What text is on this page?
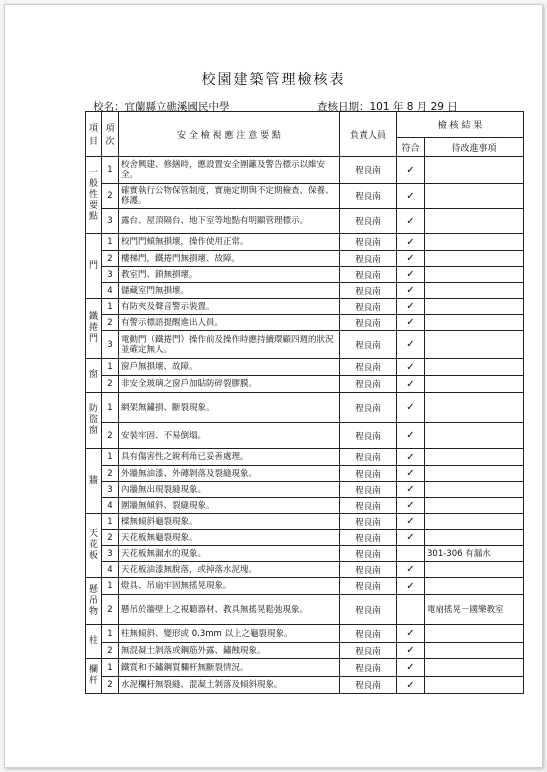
校園建築管理檢核表
校名：宜蘭縣立礁溪國民中學	查核日期：101 年 8 月 29 日
項目	項次	安 全 檢 視 應 注 意 要 點	負責人員	檢 核 結 果	
				符合	待改進事項
一般性要點	1	校舍興建、修繕時，應設置安全圍籬及警告標示以維安全。	程良南	✓	
	2	確實執行公物保管制度，實施定期與不定期檢查、保養、修護。	程良南	✓	
	3	露台、屋頂隔台、地下室等地點有明顯管理標示。	程良南	✓	
門	1	校門門頰無損壞，操作使用正常。	程良南	✓	
	2	樓梯門，鐵捲門無損壞、故障。	程良南	✓	
	3	教室門、鎖無損壞。	程良南	✓	
	4	儲藏室門無損壞。	程良南	✓	
鐵捲門	1	有防夾及聲音警示裝置。	程良南	✓	
	2	有警示標語提醒進出人員。	程良南	✓	
	3	電動門（鐵捲門）操作前及操作時應持續環顧四週的狀況並確定無人。	程良南	✓	
窗	1	窗戶無損壞、故障。	程良南	✓	
	2	非安全玻璃之窗戶加貼防碎裂膠膜。	程良南	✓	
防盜窗	1	網架無鏽損、斷裂現象。	程良南	✓	
	2	安裝牢固、不易倒塌。	程良南	✓	
牆	1	具有傷害性之銳利角已妥善處理。	程良南	✓	
	2	外牆無油漆、外磚剝落及裂縫現象。	程良南	✓	
	3	內牆無出現裂縫現象。	程良南	✓	
	4	圍牆無傾斜、裂縫現象。	程良南	✓	
天花板	1	樑無傾斜龜裂現象。	程良南	✓	
	2	天花板無龜裂現象。	程良南	✓	
	3	天花板無漏水的現象。	程良南		301-306 有漏水
	4	天花板油漆無脫落，或掉落水泥塊。	程良南	✓	
懸吊物	1	燈具、吊扇牢固無搖晃現象。	程良南	✓	
	2	懸吊於牆壁上之視聽器材、教具無搖晃鬆弛現象。	程良南		電扇搖晃－國樂教室
柱	1	柱無傾斜、變形或 0.3mm 以上之龜裂現象。	程良南	✓	
	2	無混凝土剝落或鋼筋外露、鏽蝕現象。	程良南	✓	
欄杆	1	鐵質和不鏽鋼質欄杆無斷裂情況。	程良南	✓	
	2	水泥欄杆無裂縫、混凝土剝落及傾斜現象。	程良南	✓	
